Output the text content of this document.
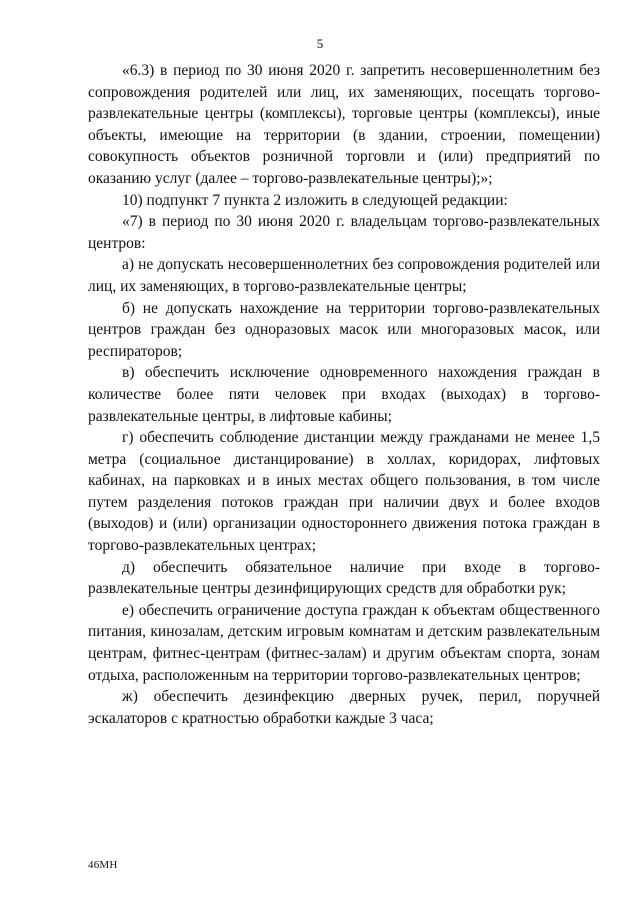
5

«6.3) в период по 30 июня 2020 г. запретить несовершеннолетним без сопровождения родителей или лиц, их заменяющих, посещать торгово-развлекательные центры (комплексы), торговые центры (комплексы), иные объекты, имеющие на территории (в здании, строении, помещении) совокупность объектов розничной торговли и (или) предприятий по оказанию услуг (далее – торгово-развлекательные центры);»;

10) подпункт 7 пункта 2 изложить в следующей редакции:

«7) в период по 30 июня 2020 г. владельцам торгово-развлекательных центров:

а) не допускать несовершеннолетних без сопровождения родителей или лиц, их заменяющих, в торгово-развлекательные центры;

б) не допускать нахождение на территории торгово-развлекательных центров граждан без одноразовых масок или многоразовых масок, или респираторов;

в) обеспечить исключение одновременного нахождения граждан в количестве более пяти человек при входах (выходах) в торгово-развлекательные центры, в лифтовые кабины;

г) обеспечить соблюдение дистанции между гражданами не менее 1,5 метра (социальное дистанцирование) в холлах, коридорах, лифтовых кабинах, на парковках и в иных местах общего пользования, в том числе путем разделения потоков граждан при наличии двух и более входов (выходов) и (или) организации одностороннего движения потока граждан в торгово-развлекательных центрах;

д) обеспечить обязательное наличие при входе в торгово-развлекательные центры дезинфицирующих средств для обработки рук;

е) обеспечить ограничение доступа граждан к объектам общественного питания, кинозалам, детским игровым комнатам и детским развлекательным центрам, фитнес-центрам (фитнес-залам) и другим объектам спорта, зонам отдыха, расположенным на территории торгово-развлекательных центров;

ж) обеспечить дезинфекцию дверных ручек, перил, поручней эскалаторов с кратностью обработки каждые 3 часа;

46МН
